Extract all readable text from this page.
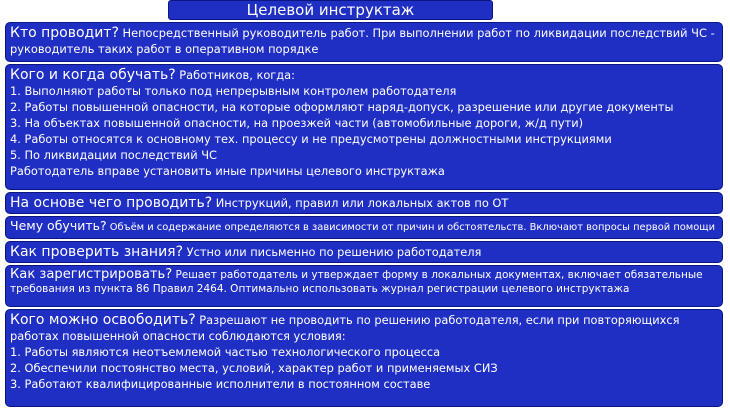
Целевой инструктаж
Кто проводит? Непосредственный руководитель работ. При выполнении работ по ликвидации последствий ЧС - руководитель таких работ в оперативном порядке
Кого и когда обучать? Работников, когда:
1. Выполняют работы только под непрерывным контролем работодателя
2. Работы повышенной опасности, на которые оформляют наряд-допуск, разрешение или другие документы
3. На объектах повышенной опасности, на проезжей части (автомобильные дороги, ж/д пути)
4. Работы относятся к основному тех. процессу и не предусмотрены должностными инструкциями
5. По ликвидации последствий ЧС
Работодатель вправе установить иные причины целевого инструктажа
На основе чего проводить? Инструкций, правил или локальных актов по ОТ
Чему обучить? Объём и содержание определяются в зависимости от причин и обстоятельств. Включают вопросы первой помощи
Как проверить знания? Устно или письменно по решению работодателя
Как зарегистрировать? Решает работодатель и утверждает форму в локальных документах, включает обязательные требования из пункта 86 Правил 2464. Оптимально использовать журнал регистрации целевого инструктажа
Кого можно освободить? Разрешают не проводить по решению работодателя, если при повторяющихся работах повышенной опасности соблюдаются условия:
1. Работы являются неотъемлемой частью технологического процесса
2. Обеспечили постоянство места, условий, характер работ и применяемых СИЗ
3. Работают квалифицированные исполнители в постоянном составе
